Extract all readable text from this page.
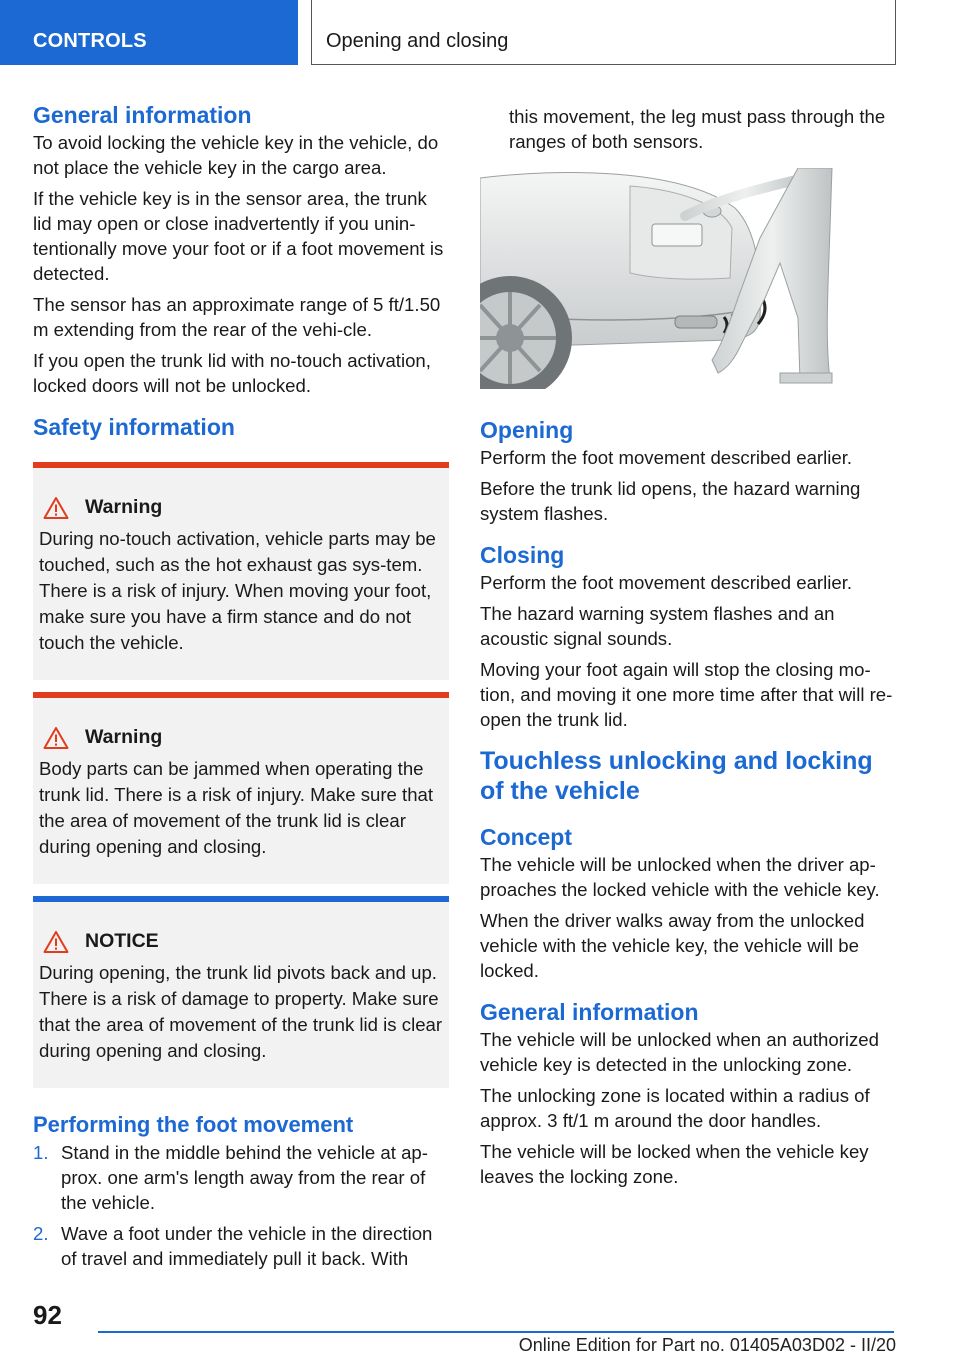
CONTROLS	Opening and closing
General information

To avoid locking the vehicle key in the vehicle, do not place the vehicle key in the cargo area.

If the vehicle key is in the sensor area, the trunk lid may open or close inadvertently if you unin-tentionally move your foot or if a foot movement is detected.

The sensor has an approximate range of 5 ft/1.50 m extending from the rear of the vehi-cle.

If you open the trunk lid with no-touch activation, locked doors will not be unlocked.

Safety information
Warning
During no-touch activation, vehicle parts may be touched, such as the hot exhaust gas sys-tem. There is a risk of injury. When moving your foot, make sure you have a firm stance and do not touch the vehicle.
Warning
Body parts can be jammed when operating the trunk lid. There is a risk of injury. Make sure that the area of movement of the trunk lid is clear during opening and closing.
NOTICE
During opening, the trunk lid pivots back and up. There is a risk of damage to property. Make sure that the area of movement of the trunk lid is clear during opening and closing.
Performing the foot movement
1. Stand in the middle behind the vehicle at ap-prox. one arm's length away from the rear of the vehicle.
2. Wave a foot under the vehicle in the direction of travel and immediately pull it back. With

this movement, the leg must pass through the ranges of both sensors.

Opening

Perform the foot movement described earlier.

Before the trunk lid opens, the hazard warning system flashes.

Closing

Perform the foot movement described earlier.

The hazard warning system flashes and an acoustic signal sounds.

Moving your foot again will stop the closing mo-tion, and moving it one more time after that will re-open the trunk lid.

Touchless unlocking and locking of the vehicle
Concept

The vehicle will be unlocked when the driver ap-proaches the locked vehicle with the vehicle key.

When the driver walks away from the unlocked vehicle with the vehicle key, the vehicle will be locked.

General information

The vehicle will be unlocked when an authorized vehicle key is detected in the unlocking zone.

The unlocking zone is located within a radius of approx. 3 ft/1 m around the door handles.

The vehicle will be locked when the vehicle key leaves the locking zone.

92
Online Edition for Part no. 01405A03D02 - II/20
